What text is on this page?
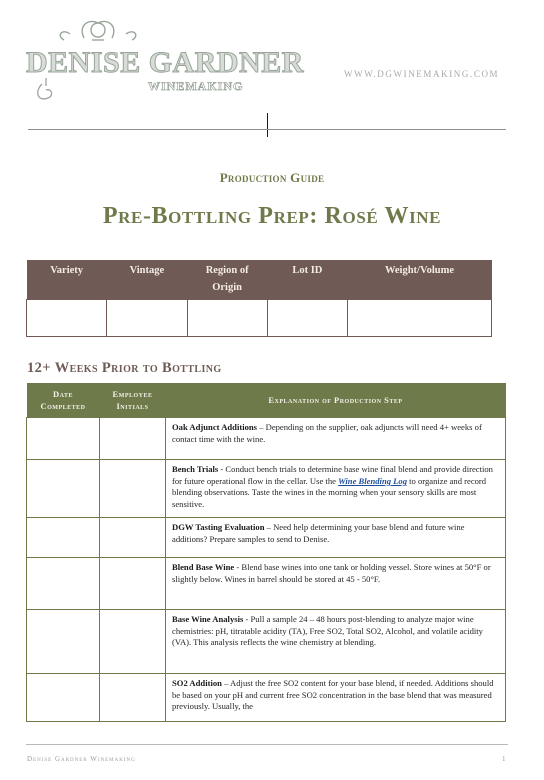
DENISE GARDNER
WINEMAKING
WWW.DGWINEMAKING.COM
Production Guide
Pre-Bottling Prep: Rosé Wine
Variety	Vintage	Region of Origin	Lot ID	Weight/Volume

12+ Weeks Prior to Bottling
Date Completed	Employee Initials	Explanation of Production Step
		Oak Adjunct Additions – Depending on the supplier, oak adjuncts will need 4+ weeks of contact time with the wine.
		Bench Trials - Conduct bench trials to determine base wine final blend and provide direction for future operational flow in the cellar. Use the Wine Blending Log to organize and record blending observations. Taste the wines in the morning when your sensory skills are most sensitive.
		DGW Tasting Evaluation – Need help determining your base blend and future wine additions? Prepare samples to send to Denise.
		Blend Base Wine - Blend base wines into one tank or holding vessel. Store wines at 50°F or slightly below. Wines in barrel should be stored at 45 - 50°F.
		Base Wine Analysis - Pull a sample 24 – 48 hours post-blending to analyze major wine chemistries: pH, titratable acidity (TA), Free SO2, Total SO2, Alcohol, and volatile acidity (VA). This analysis reflects the wine chemistry at blending.
		SO2 Addition – Adjust the free SO2 content for your base blend, if needed. Additions should be based on your pH and current free SO2 concentration in the base blend that was measured previously. Usually, the
Denise Gardner Winemaking	1
